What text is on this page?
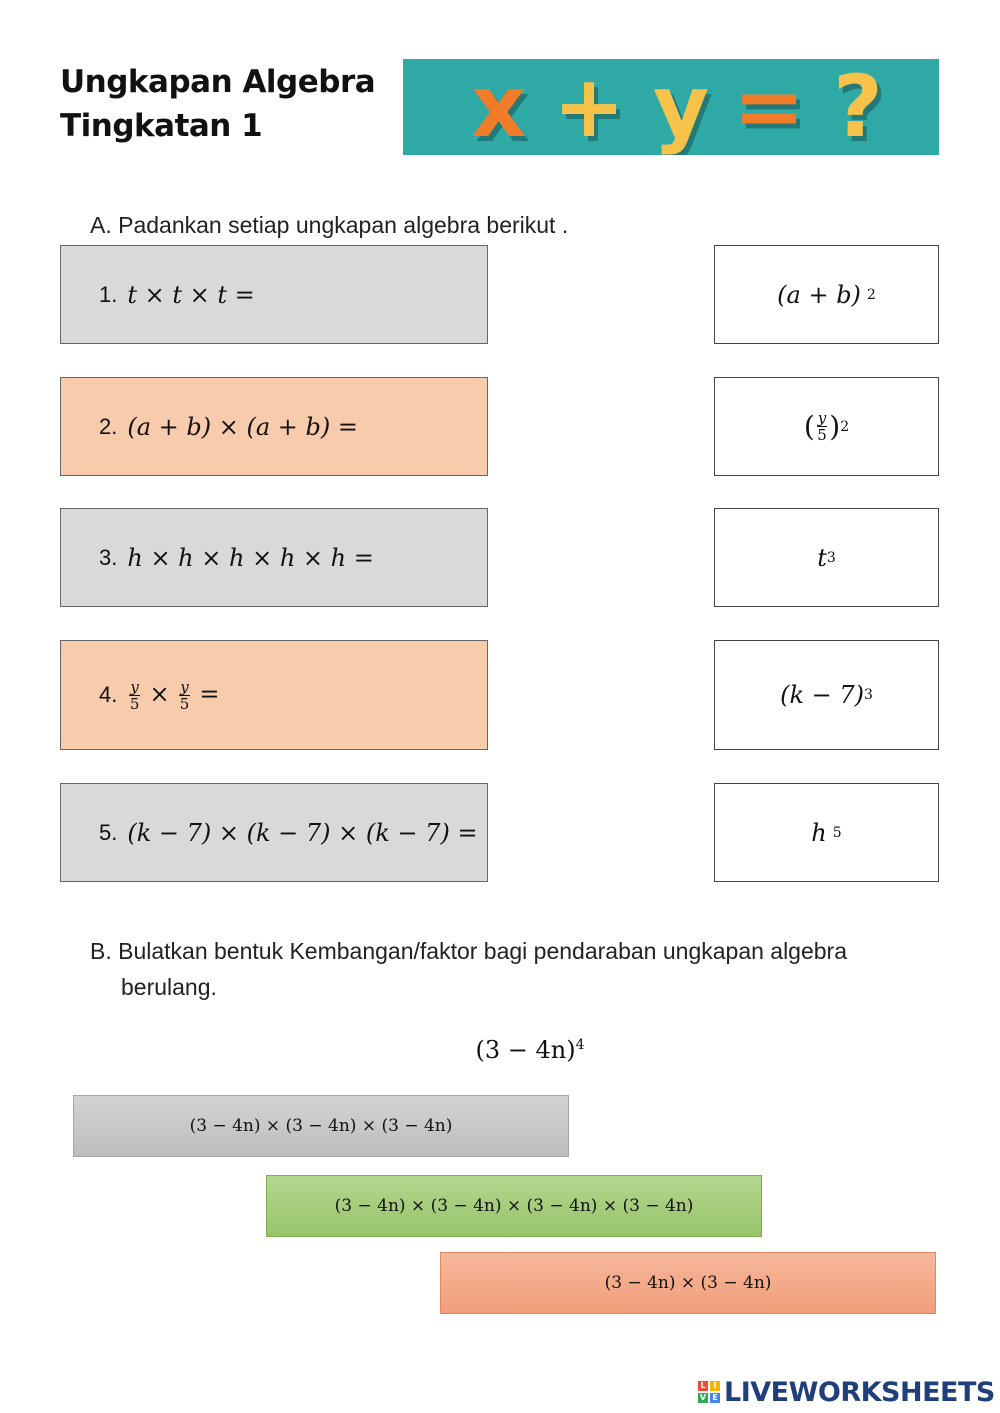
Ungkapan Algebra
Tingkatan 1	x + y = ?
A. Padankan setiap ungkapan algebra berikut .
1. t × t × t =
2. (a + b) × (a + b) =
3. h × h × h × h × h =
4. $\frac{y}{5} \times \frac{y}{5}$ =
5. (k − 7) × (k − 7) × (k − 7) =
(a + b) 2
( $\frac{y}{5}$ ) 2
t 3
(k − 7) 3
h 5
B. Bulatkan bentuk Kembangan/faktor bagi pendaraban ungkapan algebra
berulang.
$(3 - 4n)^4$
(3 − 4n) × (3 − 4n) × (3 − 4n)
(3 − 4n) × (3 − 4n) × (3 − 4n) × (3 − 4n)
(3 − 4n) × (3 − 4n)
L I
V E LIVEWORKSHEETS
